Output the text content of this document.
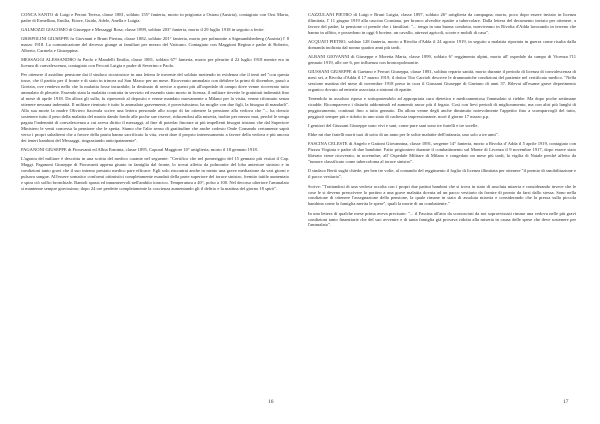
CONCA SANTO di Luigi e Peroni Teresa, classe 1881, soldato 155° fanteria, morto in prigionia a Ostrau (Austria), contagiato con Orsi Marta, padre di Ermellina, Emilia, Ettore, Guido, Adele, Anella e Luigia.

GALMOZZI GIACOMO di Giuseppe e Messaggi Rosa, classe 1899, soldato 203° fanteria, morto il 29 luglio 1918 in seguito a ferite.

GRISPOLINI GIUSEPPE fu Giovanni e Bruni Pierina, classe 1882, soldato 201° fanteria, morto per polmonite a Sigmundsherberg (Austria) l' 8 marzo 1918. La comunicazione del decesso giunge ai familiari per mezzo del Vaticano. Contagiato con Maggioni Regina e padre di Roberto, Alberto, Carmela e Giuseppina.

MESSAGGI ALESSANDRO fu Paolo e Mandelli Emilia, classe 1881, soldato 67° fanteria, morto per pleurite il 22 luglio 1918 mentre era in licenza di convalescenza, contagiato con Peccati Luigia e padre di Severino e Paolo.

Per ottenere il assidino pensione dai il sindaco ricostruisce in una lettera le travenie del soldato mettendo in evidenza che il tenti nel "con questa tosse, che il partito per il fronte e di stato in trincea sul San Marco per un mese. Ricoverato ammalato con debilere la primi di dicembre, passò a Gorizia, ove rendeva nello che la malattia fosse incurabile, la destinato di servire a questi più all'ospedale di campo dove venne ricoverato tutto ammalato di pleurite. Essendo stata la malattia contratta in servizio ed essendo stato morto in licenza, il militare tievette le gratuitati indennità fino al mese di aprile 1918. Da allora gli sulla, fu ripresentò al deposito e venne mandato nuovamente a Milano per la visita, venne riformato senza ottenere nessuna indennità. Il militare rientrato è tutto lo ammalato gravemente, è poveristissimo, ha moglie con due figli, la bisogna di mandarli". Alla sua morte la madre Oliviero fiacerala scrive una lettera personale allo scopo di far ottenere la pensione alla vedova che "... ha dovuto sostenere tutto il peso della malattia del marito dando fondo alle poche sue riserve, riducendosi alla miseria, inoltre per mezzo mai, perché le venga pagata l'indennità di convalescenza a cui aveva diritto il messaggi, al fine di poterlar finorare ai più impellenti bisogni tristano che dal Superiore Ministero le venti concessa la pensione che le spetta. Siamo che l'alto senso di gratitudine che anche codesto Onde Comando certamente saprà verso i propri subalterni che a favore della patria hanno sacrificato la vita, vorrà dare il proprio interessamento a favore della vedova e più ancora dei teneri bambini del Messaggi, ringraziando anticipatamente".

PAGANONI GIUSEPPE di Fioravanti ed Albia Erminia, classe 1895, Caporal Maggiore 10° artiglieria, morto il 18 gennaio 1918.

L'agonia del militare è descritta in una scritta del medico curante nel seguente: "Certifico che nel pomeriggio del 15 gennaio più visitai il Cap. Maggi. Paganoni Giuseppe di Fioravanti appena giunto in famiglia dal fronte, lo trovai affetto da polmonite del lobo anteriore sinistro e in condizioni tanto gravi che il suo interno prestato medico pare efficace. Egli solo riscontrai anche in meato una grave mediazione da vari giorni e pulsava sangue. All'essere somatico conformi ottimistici completamente esaudati della parte superiore del torace sinistro, fremito tattile aumentato e spira ciò soffio bronchiale. Rantoli spassi ed innumerevoli nell'ambito toracico. Temperatura a 40°, polso a 100. Nel decorso ulteriore l'ammalato si mantenne sempre gravissimo; dopo 24 ore perdette completamente la coscienza aumentando gli il delirio e la mattina del giorno 18 spirò".

16

CAZZULANI PIETRO di Luigi e Bruni Luigia, classe 1897, soldato 26° artiglieria da campagna, morto, poco dopo essere inviato in licenza illimitata, l' 11 giugno 1919 alla cascina Corniana, per bronco alveolite epatite a tubercolare. Dalla lettera del decumento inviato per ottenere, a favore del padre, la pensione ci prende che i familiari: "... tenga in una buona condotta, nonviveano in Rivolta d'Adda lavorando in terreno che hanno in affitto, e possedono in oggi 6 bovine, un cavallo, attrezzi agricoli, scorte e mobili di casa".

ACQUATI PIETRO, soldato 128 fanteria, morto a Rivolta d'Adda il 24 agosto 1919, in seguito a malattia riportata in guerra come risulta dalla domanda inoltrata dal nonno quattro anni più tardi.

ALBANI GIOVANNI di Giuseppe e Moretta Maria, classe 1899, soldato 6° reggimento alpini, morto all' ospedale da campo di Vicenza l'11 gennaio 1919, alle ore 6, per influenza con broncopolmonite.

GIUSSANI GIUSEPPE di Gaetano e Ferrari Giuseppa, classe 1881, soldato reparto sanità, morto durante il periodo di licenza di convalescenza di mesi sei, a Rivolta d'Adda il 17 marzo 1919, il dottor Tito Carrioli descrive le drammatiche condizioni del paziente nel certificato medico. "Nella sessione mattina del mese di novembre 1918 preso in cura il Giussani Giuseppe di Gaetano di anni 37. Rilevai all'esame grave deperimento organico dovuto ad enterite associata a sintomi di epatite.

Tenendolo in assoluto riposo e sottoponendolo ad appropriata cura dietetica e medicamentosa l'ammalato si riebbe. Ma dopo poche settimane ricadde. Ricomparvero i disturbi addominali ed aumentò ancor più il fegato. Così con lievi periodi di miglioramento, ma con altri più lunghi di peggioramento, continuò fino a tutto gennaio. Da allora venne degli anche diminuito notevolmente l'appetito fino a scomparvoglì del tutto, peggiorò sempre più e ridotto in uno stato di cachessia impressionante, morì il giorno 17 marzo p.p.

I genitori del Giussani Giuseppe sono vivi e sani, come pure sani sono tre fratelli e tre sorelle.

Ebbe mi due fratelli morti tuoi di sotto di un anno per le solite malattie dell'infanzia, uno solo a tre anni".

FASCINA CELESTE di Angelo e Gattoni Giovannina, classe 1891, sergente 14° fanteria, morto a Rivolta d' Adda il 5 aprile 1919, contagiato con Pizzza Virginia e padre di due bambine. Fatto prigioniero durante il combattimento sul Monte di Livenza il 9 novembre 1917, dopo essere stato liberato viene ricoverato, in novembre, all' Ospedale Militare di Milano e congedato un mese più tardi, la vigilia di Natale perché affetto da "tumore classificato come tubercoloma al torace sinistro".

Il sindaco Bertò sughi chiede, per ben tre volte, al comando del reggimento il foglio di licenza illimitata per ottenere "il premio di smobilitazione e il pacco vestiario".

Scrive: "Trattandosi di una vedova accolta con i propri due pattini bambini che si trova in stato di assoluta miseria e considerando invece che le cose le si deveno prescrivere lo portino a una grave malattia dovuta ad un pacco vestiario da fornire di pronto da farsi dallo stessa. Sono nella condizione di ottenere l'assegnazione della pensione, la quale rimane in stato di assoluta miseria e considerando che la pressa sulla piccola bambina come la famiglia merita le spese", quali la morte di un combattente."

In una lettera di qualche mese prima aveva precisato: "... il Fascina all'atto da sconosciuti da noi sopravvissuti rimase una vedova nelle più gravi condizioni tanto finanziarie che del suo avvenire e di tanta famiglia già provava ridotta alla miseria in causa delle spese che deve sostenere per l'ammalato".

17
